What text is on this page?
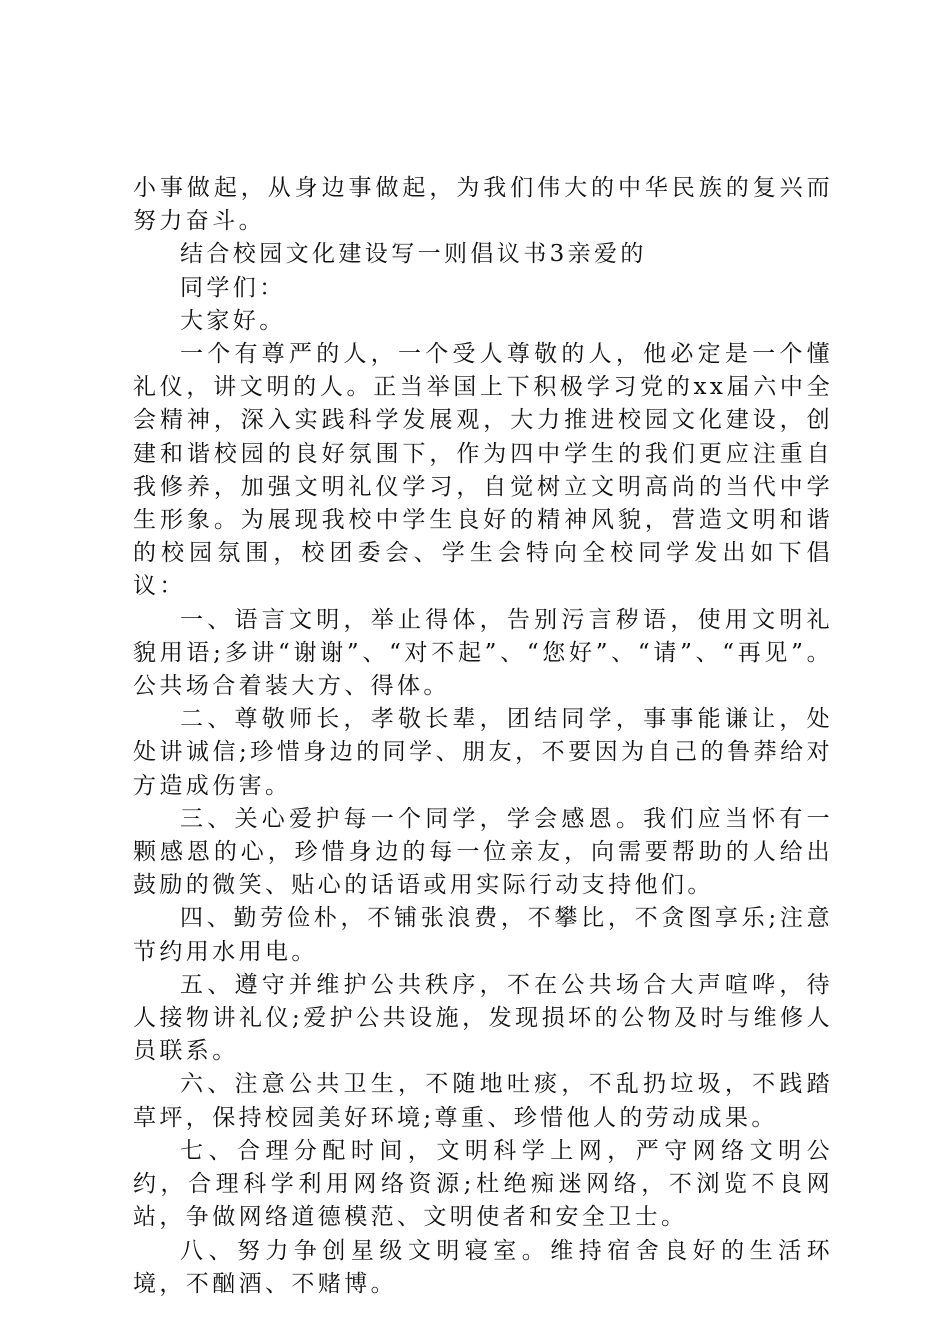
小事做起，从身边事做起，为我们伟大的中华民族的复兴而努力奋斗。

结合校园文化建设写一则倡议书3亲爱的

同学们：

大家好。

一个有尊严的人，一个受人尊敬的人，他必定是一个懂礼仪，讲文明的人。正当举国上下积极学习党的xx届六中全会精神，深入实践科学发展观，大力推进校园文化建设，创建和谐校园的良好氛围下，作为四中学生的我们更应注重自我修养，加强文明礼仪学习，自觉树立文明高尚的当代中学生形象。为展现我校中学生良好的精神风貌，营造文明和谐的校园氛围，校团委会、学生会特向全校同学发出如下倡议：

一、语言文明，举止得体，告别污言秽语，使用文明礼貌用语;多讲“谢谢”、“对不起”、“您好”、“请”、“再见”。公共场合着装大方、得体。

二、尊敬师长，孝敬长辈，团结同学，事事能谦让，处处讲诚信;珍惜身边的同学、朋友，不要因为自己的鲁莽给对方造成伤害。

三、关心爱护每一个同学，学会感恩。我们应当怀有一颗感恩的心，珍惜身边的每一位亲友，向需要帮助的人给出鼓励的微笑、贴心的话语或用实际行动支持他们。

四、勤劳俭朴，不铺张浪费，不攀比，不贪图享乐;注意节约用水用电。

五、遵守并维护公共秩序，不在公共场合大声喧哗，待人接物讲礼仪;爱护公共设施，发现损坏的公物及时与维修人员联系。

六、注意公共卫生，不随地吐痰，不乱扔垃圾，不践踏草坪，保持校园美好环境;尊重、珍惜他人的劳动成果。

七、合理分配时间，文明科学上网，严守网络文明公约，合理科学利用网络资源;杜绝痴迷网络，不浏览不良网站，争做网络道德模范、文明使者和安全卫士。

八、努力争创星级文明寝室。维持宿舍良好的生活环境，不酗酒、不赌博。
